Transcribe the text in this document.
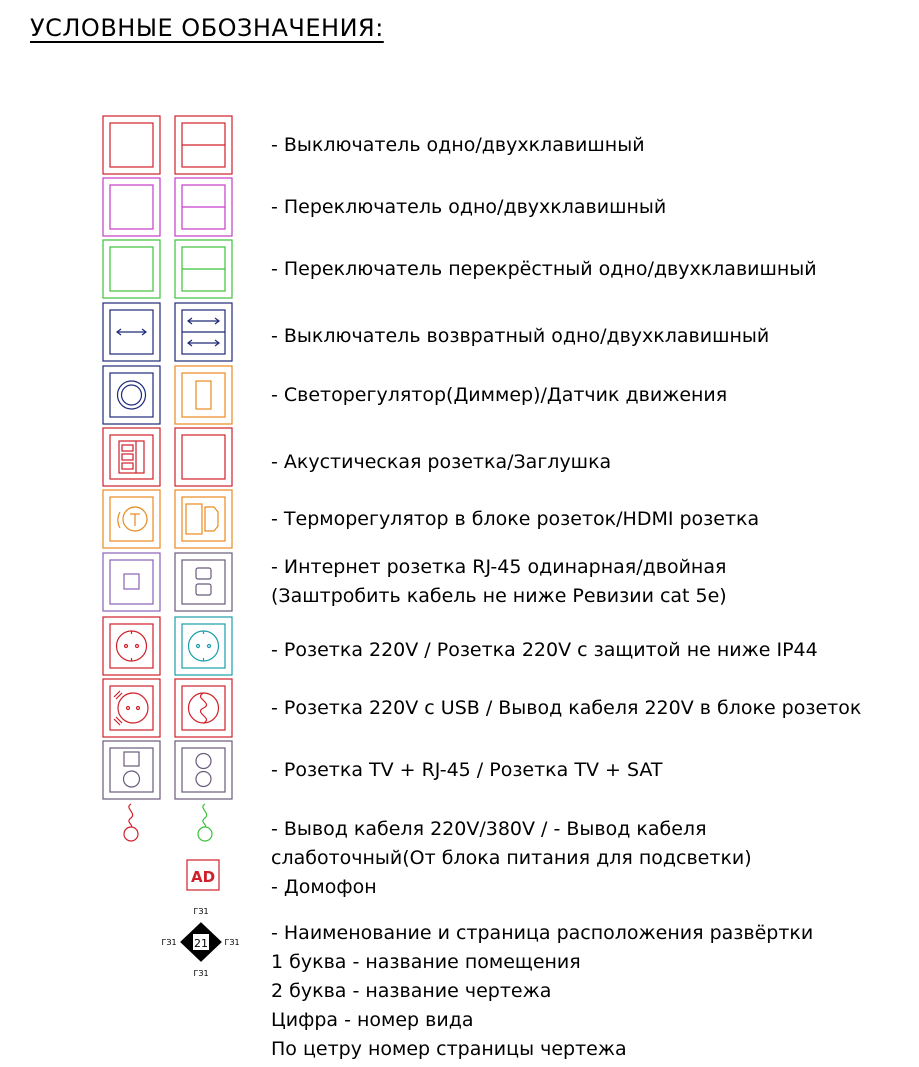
УСЛОВНЫЕ ОБОЗНАЧЕНИЯ:
AD
21
ГЗ1
ГЗ1	ГЗ1
ГЗ1
- Выключатель одно/двухклавишный
- Переключатель одно/двухклавишный
- Переключатель перекрёстный одно/двухклавишный
- Выключатель возвратный одно/двухклавишный
- Светорегулятор(Диммер)/Датчик движения
- Акустическая розетка/Заглушка
- Терморегулятор в блоке розеток/HDMI розетка
- Интернет розетка RJ-45 одинарная/двойная
(Заштробить кабель не ниже Ревизии cat 5e)
- Розетка 220V / Розетка 220V с защитой не ниже IP44
- Розетка 220V с USB / Вывод кабеля 220V в блоке розеток
- Розетка TV + RJ-45 / Розетка TV + SAT
- Вывод кабеля 220V/380V / - Вывод кабеля
слаботочный(От блока питания для подсветки)
- Домофон
- Наименование и страница расположения развёртки
1 буква - название помещения
2 буква - название чертежа
Цифра - номер вида
По цетру номер страницы чертежа
